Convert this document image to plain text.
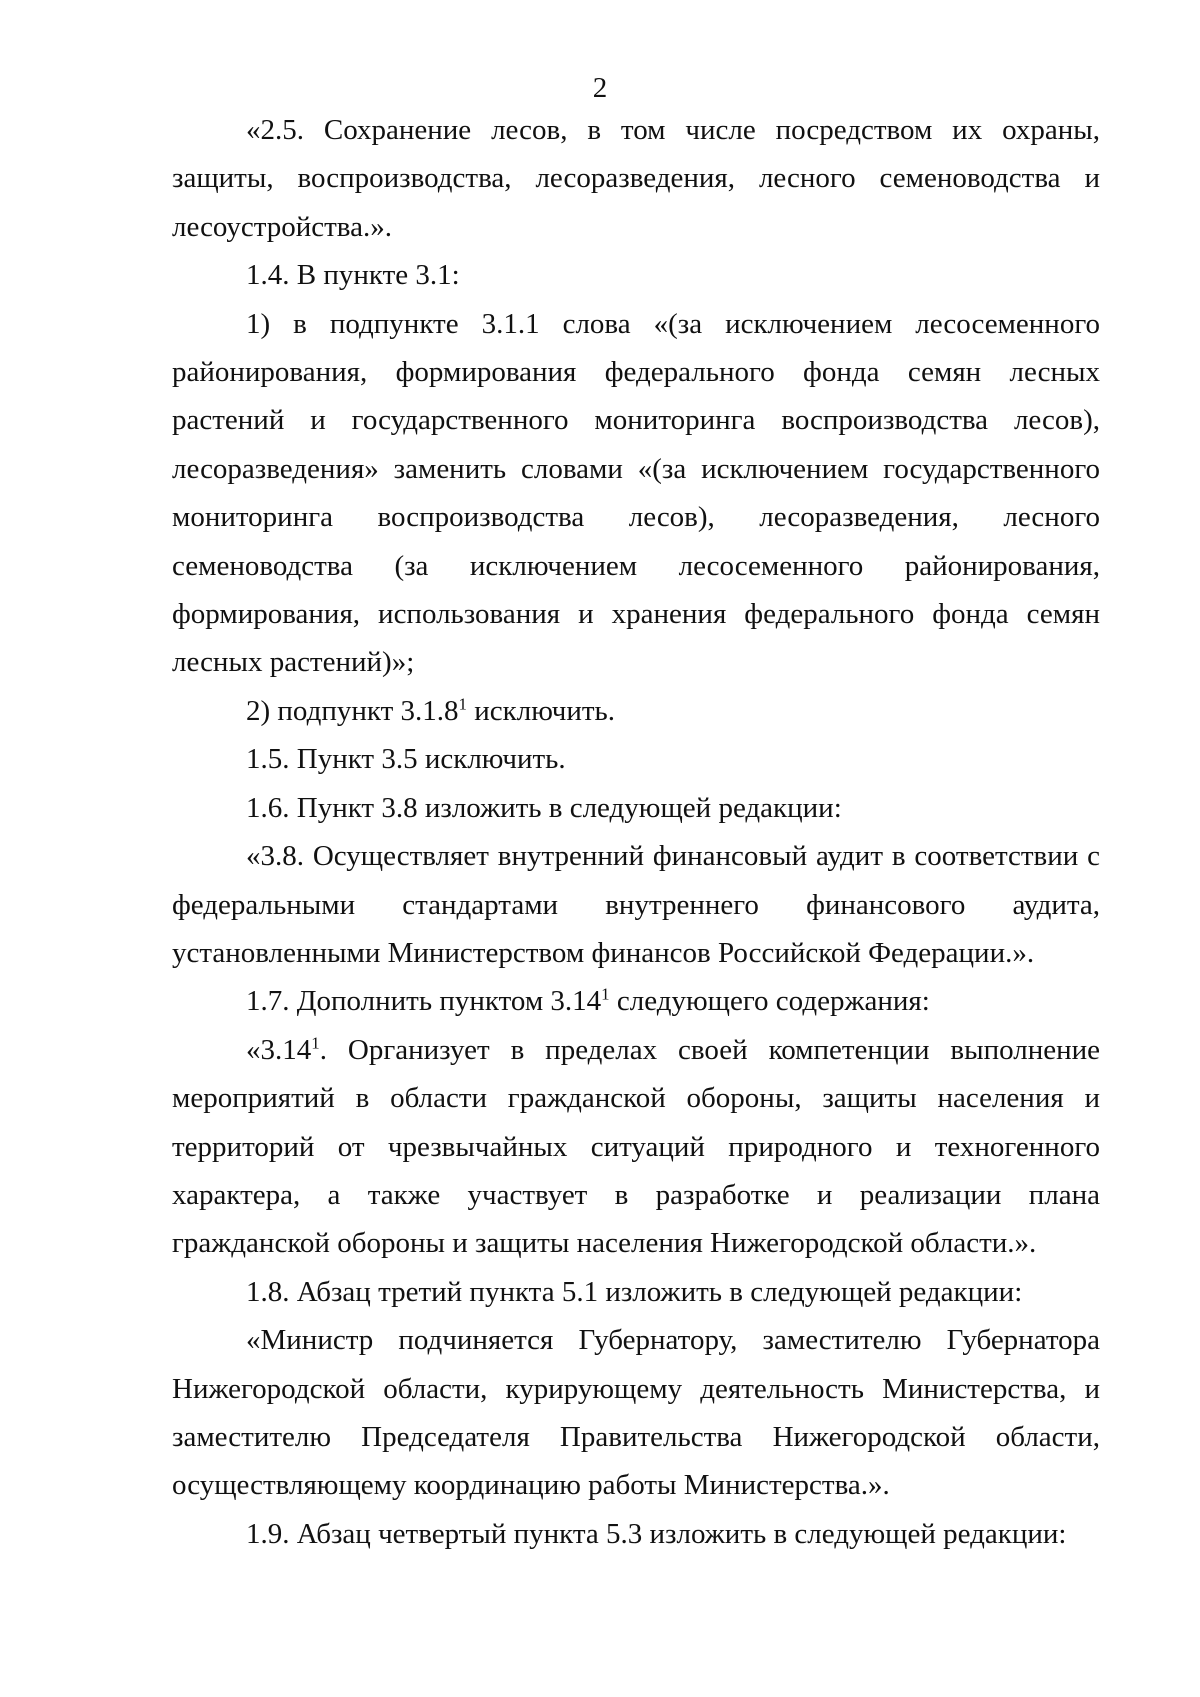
2

«2.5. Сохранение лесов, в том числе посредством их охраны, защиты, воспроизводства, лесоразведения, лесного семеноводства и лесоустройства.».

1.4. В пункте 3.1:

1) в подпункте 3.1.1 слова «(за исключением лесосеменного районирования, формирования федерального фонда семян лесных растений и государственного мониторинга воспроизводства лесов), лесоразведения» заменить словами «(за исключением государственного мониторинга воспроизводства лесов), лесоразведения, лесного семеноводства (за исключением лесосеменного районирования, формирования, использования и хранения федерального фонда семян лесных растений)»;

2) подпункт 3.1.8$^1$ исключить.

1.5. Пункт 3.5 исключить.

1.6. Пункт 3.8 изложить в следующей редакции:

«3.8. Осуществляет внутренний финансовый аудит в соответствии с федеральными стандартами внутреннего финансового аудита, установленными Министерством финансов Российской Федерации.».

1.7. Дополнить пунктом 3.14$^1$ следующего содержания:

«3.14$^1$. Организует в пределах своей компетенции выполнение мероприятий в области гражданской обороны, защиты населения и территорий от чрезвычайных ситуаций природного и техногенного характера, а также участвует в разработке и реализации плана гражданской обороны и защиты населения Нижегородской области.».

1.8. Абзац третий пункта 5.1 изложить в следующей редакции:

«Министр подчиняется Губернатору, заместителю Губернатора Нижегородской области, курирующему деятельность Министерства, и заместителю Председателя Правительства Нижегородской области, осуществляющему координацию работы Министерства.».

1.9. Абзац четвертый пункта 5.3 изложить в следующей редакции:
